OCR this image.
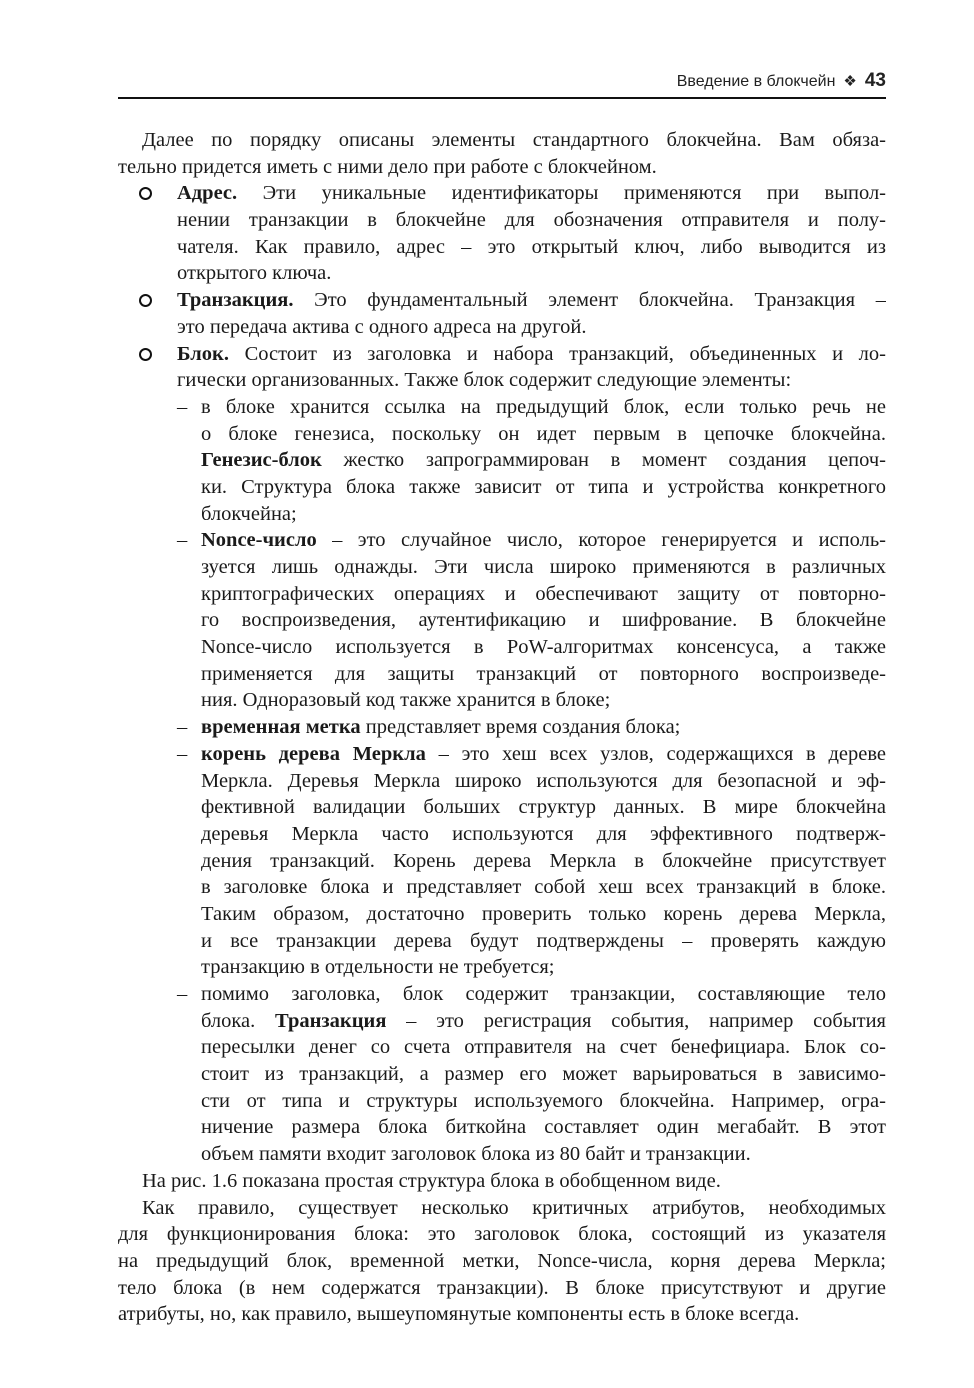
Введение в блокчейн ❖ 43
Далее по порядку описаны элементы стандартного блокчейна. Вам обяза-
тельно придется иметь с ними дело при работе с блокчейном.
Адрес. Эти уникальные идентификаторы применяются при выпол-
нении транзакции в блокчейне для обозначения отправителя и полу-
чателя. Как правило, адрес – это открытый ключ, либо выводится из
открытого ключа.
Транзакция. Это фундаментальный элемент блокчейна. Транзакция –
это передача актива с одного адреса на другой.
Блок. Состоит из заголовка и набора транзакций, объединенных и ло-
гически организованных. Также блок содержит следующие элементы:
– в блоке хранится ссылка на предыдущий блок, если только речь не
о блоке генезиса, поскольку он идет первым в цепочке блокчейна.
Генезис-блок жестко запрограммирован в момент создания цепоч-
ки. Структура блока также зависит от типа и устройства конкретного
блокчейна;
– Nonce-число – это случайное число, которое генерируется и исполь-
зуется лишь однажды. Эти числа широко применяются в различных
криптографических операциях и обеспечивают защиту от повторно-
го воспроизведения, аутентификацию и шифрование. В блокчейне
Nonce-число используется в PoW-алгоритмах консенсуса, а также
применяется для защиты транзакций от повторного воспроизведе-
ния. Одноразовый код также хранится в блоке;
– временная метка представляет время создания блока;
– корень дерева Меркла – это хеш всех узлов, содержащихся в дереве
Меркла. Деревья Меркла широко используются для безопасной и эф-
фективной валидации больших структур данных. В мире блокчейна
деревья Меркла часто используются для эффективного подтверж-
дения транзакций. Корень дерева Меркла в блокчейне присутствует
в заголовке блока и представляет собой хеш всех транзакций в блоке.
Таким образом, достаточно проверить только корень дерева Меркла,
и все транзакции дерева будут подтверждены – проверять каждую
транзакцию в отдельности не требуется;
– помимо заголовка, блок содержит транзакции, составляющие тело
блока. Транзакция – это регистрация события, например события
пересылки денег со счета отправителя на счет бенефициара. Блок со-
стоит из транзакций, а размер его может варьироваться в зависимо-
сти от типа и структуры используемого блокчейна. Например, огра-
ничение размера блока биткойна составляет один мегабайт. В этот
объем памяти входит заголовок блока из 80 байт и транзакции.
На рис. 1.6 показана простая структура блока в обобщенном виде.
Как правило, существует несколько критичных атрибутов, необходимых
для функционирования блока: это заголовок блока, состоящий из указателя
на предыдущий блок, временной метки, Nonce-числа, корня дерева Меркла;
тело блока (в нем содержатся транзакции). В блоке присутствуют и другие
атрибуты, но, как правило, вышеупомянутые компоненты есть в блоке всегда.
